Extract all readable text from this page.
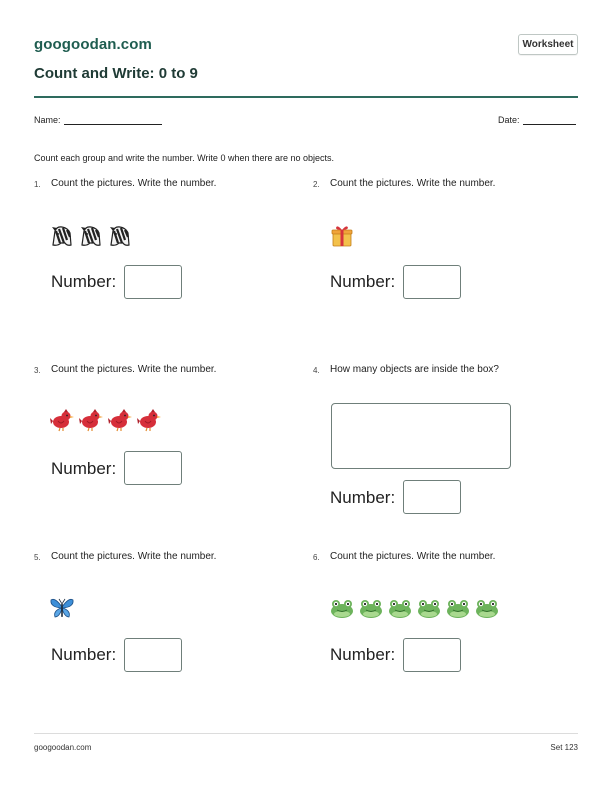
googoodan.com	Worksheet
Count and Write: 0 to 9
Name:	Date:
Count each group and write the number. Write 0 when there are no objects.
1. Count the pictures. Write the number.
Number:
2. Count the pictures. Write the number.
Number:
3. Count the pictures. Write the number.
Number:
4. How many objects are inside the box?
Number:
5. Count the pictures. Write the number.
Number:
6. Count the pictures. Write the number.
Number:
googoodan.com	Set 123
